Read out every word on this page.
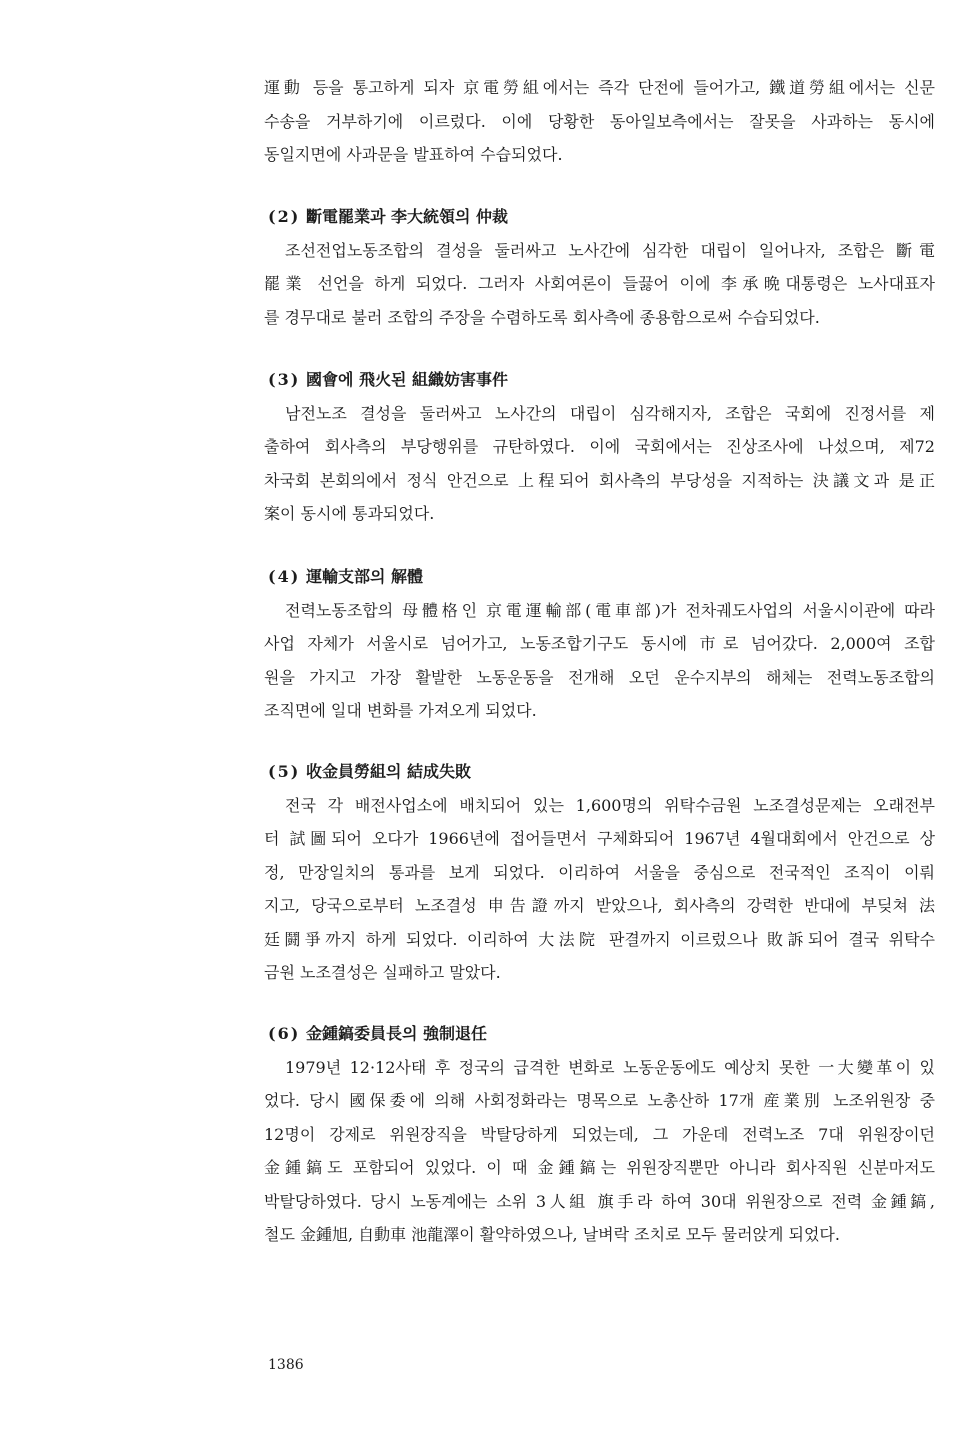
運動 등을 통고하게 되자 京電勞組에서는 즉각 단전에 들어가고, 鐵道勞組에서는 신문
수송을 거부하기에 이르렀다. 이에 당황한 동아일보측에서는 잘못을 사과하는 동시에
동일지면에 사과문을 발표하여 수습되었다.
(2) 斷電罷業과 李大統領의 仲裁
조선전업노동조합의 결성을 둘러싸고 노사간에 심각한 대립이 일어나자, 조합은 斷電
罷業 선언을 하게 되었다. 그러자 사회여론이 들끓어 이에 李承晩대통령은 노사대표자
를 경무대로 불러 조합의 주장을 수렴하도록 회사측에 종용함으로써 수습되었다.
(3) 國會에 飛火된 組織妨害事件
남전노조 결성을 둘러싸고 노사간의 대립이 심각해지자, 조합은 국회에 진정서를 제
출하여 회사측의 부당행위를 규탄하였다. 이에 국회에서는 진상조사에 나섰으며, 제72
차국회 본회의에서 정식 안건으로 上程되어 회사측의 부당성을 지적하는 決議文과 是正
案이 동시에 통과되었다.
(4) 運輸支部의 解體
전력노동조합의 母體格인 京電運輸部(電車部)가 전차궤도사업의 서울시이관에 따라
사업 자체가 서울시로 넘어가고, 노동조합기구도 동시에 市로 넘어갔다. 2,000여 조합
원을 가지고 가장 활발한 노동운동을 전개해 오던 운수지부의 해체는 전력노동조합의
조직면에 일대 변화를 가져오게 되었다.
(5) 收金員勞組의 結成失敗
전국 각 배전사업소에 배치되어 있는 1,600명의 위탁수금원 노조결성문제는 오래전부
터 試圖되어 오다가 1966년에 접어들면서 구체화되어 1967년 4월대회에서 안건으로 상
정, 만장일치의 통과를 보게 되었다. 이리하여 서울을 중심으로 전국적인 조직이 이뤄
지고, 당국으로부터 노조결성 申告證까지 받았으나, 회사측의 강력한 반대에 부딪쳐 法
廷鬪爭까지 하게 되었다. 이리하여 大法院 판결까지 이르렀으나 敗訴되어 결국 위탁수
금원 노조결성은 실패하고 말았다.
(6) 金鍾鎬委員長의 強制退任
1979년 12·12사태 후 정국의 급격한 변화로 노동운동에도 예상치 못한 一大變革이 있
었다. 당시 國保委에 의해 사회정화라는 명목으로 노총산하 17개 産業別 노조위원장 중
12명이 강제로 위원장직을 박탈당하게 되었는데, 그 가운데 전력노조 7대 위원장이던
金鍾鎬도 포함되어 있었다. 이 때 金鍾鎬는 위원장직뿐만 아니라 회사직원 신분마저도
박탈당하였다. 당시 노동계에는 소위 3人組 旗手라 하여 30대 위원장으로 전력 金鍾鎬,
철도 金鍾旭, 自動車 池龍澤이 활약하였으나, 날벼락 조치로 모두 물러앉게 되었다.
1386
